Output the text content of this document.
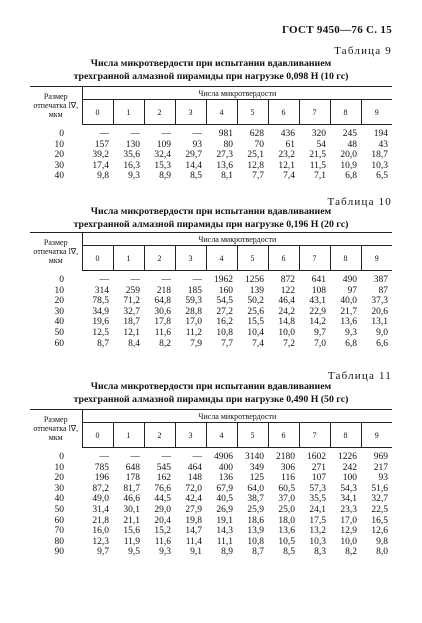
ГОСТ 9450—76 С. 15
Таблица 9
Числа микротвердости при испытании вдавливанием
трехгранной алмазной пирамиды при нагрузке 0,098 Н (10 гс)
Размер отпечатка l∇, мкм	Числа микротвердости									
	0	1	2	3	4	5	6	7	8	9
0	—	—	—	—	981	628	436	320	245	194
10	157	130	109	93	80	70	61	54	48	43
20	39,2	35,6	32,4	29,7	27,3	25,1	23,2	21,5	20,0	18,7
30	17,4	16,3	15,3	14,4	13,6	12,8	12,1	11,5	10,9	10,3
40	9,8	9,3	8,9	8,5	8,1	7,7	7,4	7,1	6,8	6,5
Таблица 10
Числа микротвердости при испытании вдавливанием
трехгранной алмазной пирамиды при нагрузке 0,196 Н (20 гс)
Размер отпечатка l∇, мкм	Числа микротвердости									
	0	1	2	3	4	5	6	7	8	9
0	—	—	—	—	1962	1256	872	641	490	387
10	314	259	218	185	160	139	122	108	97	87
20	78,5	71,2	64,8	59,3	54,5	50,2	46,4	43,1	40,0	37,3
30	34,9	32,7	30,6	28,8	27,2	25,6	24,2	22,9	21,7	20,6
40	19,6	18,7	17,8	17,0	16,2	15,5	14,8	14,2	13,6	13,1
50	12,5	12,1	11,6	11,2	10,8	10,4	10,0	9,7	9,3	9,0
60	8,7	8,4	8,2	7,9	7,7	7,4	7,2	7,0	6,8	6,6
Таблица 11
Числа микротвердости при испытании вдавливанием
трехгранной алмазной пирамиды при нагрузке 0,490 Н (50 гс)
Размер отпечатка l∇, мкм	Числа микротвердости									
	0	1	2	3	4	5	6	7	8	9
0	—	—	—	—	4906	3140	2180	1602	1226	969
10	785	648	545	464	400	349	306	271	242	217
20	196	178	162	148	136	125	116	107	100	93
30	87,2	81,7	76,6	72,0	67,9	64,0	60,5	57,3	54,3	51,6
40	49,0	46,6	44,5	42,4	40,5	38,7	37,0	35,5	34,1	32,7
50	31,4	30,1	29,0	27,9	26,9	25,9	25,0	24,1	23,3	22,5
60	21,8	21,1	20,4	19,8	19,1	18,6	18,0	17,5	17,0	16,5
70	16,0	15,6	15,2	14,7	14,3	13,9	13,6	13,2	12,9	12,6
80	12,3	11,9	11,6	11,4	11,1	10,8	10,5	10,3	10,0	9,8
90	9,7	9,5	9,3	9,1	8,9	8,7	8,5	8,3	8,2	8,0
